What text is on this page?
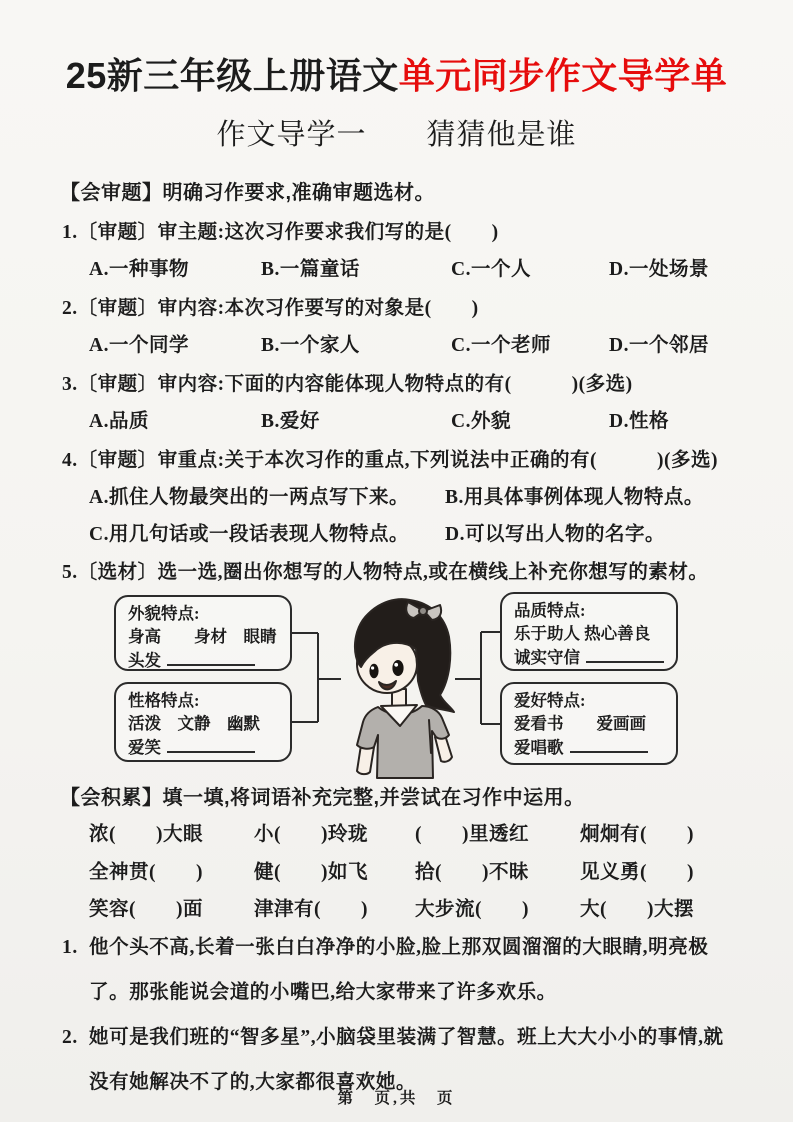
25新三年级上册语文单元同步作文导学单
作文导学一　　猜猜他是谁
【会审题】明确习作要求,准确审题选材。
1.〔审题〕审主题:这次习作要求我们写的是(　　)
A.一种事物	B.一篇童话	C.一个人	D.一处场景
2.〔审题〕审内容:本次习作要写的对象是(　　)
A.一个同学	B.一个家人	C.一个老师	D.一个邻居
3.〔审题〕审内容:下面的内容能体现人物特点的有(　　　)(多选)
A.品质	B.爱好	C.外貌	D.性格
4.〔审题〕审重点:关于本次习作的重点,下列说法中正确的有(　　　)(多选)
A.抓住人物最突出的一两点写下来。	B.用具体事例体现人物特点。
C.用几句话或一段话表现人物特点。	D.可以写出人物的名字。
5.〔选材〕选一选,圈出你想写的人物特点,或在横线上补充你想写的素材。
外貌特点:
身高　　身材　眼睛
头发
性格特点:
活泼　文静　幽默
爱笑
品质特点:
乐于助人 热心善良
诚实守信
爱好特点:
爱看书　　爱画画
爱唱歌
【会积累】填一填,将词语补充完整,并尝试在习作中运用。
浓(　　)大眼	小(　　)玲珑	(　　)里透红	炯炯有(　　)
全神贯(　　)	健(　　)如飞	拾(　　)不昧	见义勇(　　)
笑容(　　)面	津津有(　　)	大步流(　　)	大(　　)大摆
1. 他个头不高,长着一张白白净净的小脸,脸上那双圆溜溜的大眼睛,明亮极了。那张能说会道的小嘴巴,给大家带来了许多欢乐。
2. 她可是我们班的“智多星”,小脑袋里装满了智慧。班上大大小小的事情,就没有她解决不了的,大家都很喜欢她。
第　页,共　页
